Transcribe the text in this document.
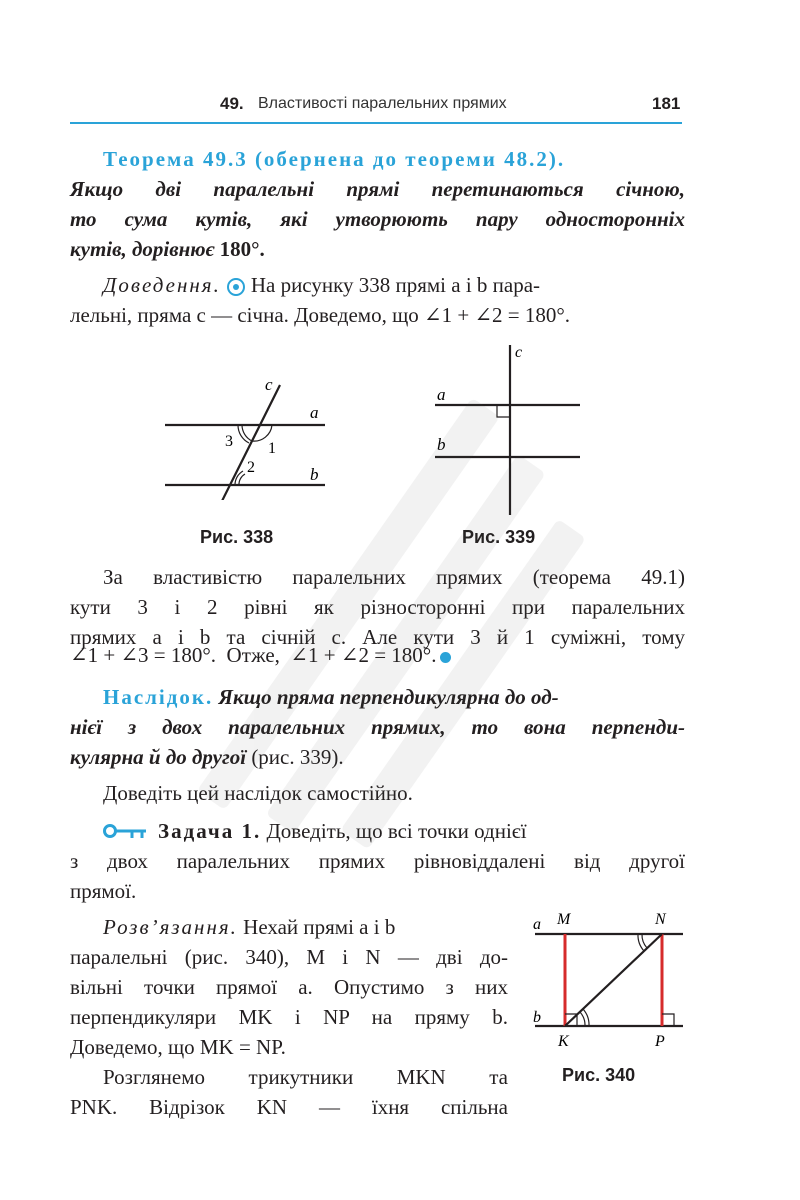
49. Властивості паралельних прямих	181
Теорема 49.3 (обернена до теореми 48.2).
Якщо дві паралельні прямі перетинаються січною,
то сума кутів, які утворюють пару односторонніх
кутів, дорівнює 180°.
Доведення. На рисунку 338 прямі a і b пара-
лельні, пряма c — січна. Доведемо, що ∠1 + ∠2 = 180°.
c
a
b
3 1
2
Рис. 338
c
a
b
Рис. 339
За властивістю паралельних прямих (теорема 49.1)
кути 3 і 2 рівні як різносторонні при паралельних
прямих a і b та січній c. Але кути 3 й 1 суміжні, тому
∠1 + ∠3 = 180°.  Отже,  ∠1 + ∠2 = 180°.
Наслідок. Якщо пряма перпендикулярна до од-
нієї з двох паралельних прямих, то вона перпенди-
кулярна й до другої (рис. 339).
Доведіть цей наслідок самостійно.
Задача 1. Доведіть, що всі точки однієї
з двох паралельних прямих рівновіддалені від другої
прямої.
Розв’язання. Нехай прямі a і b
паралельні (рис. 340), M і N — дві до-
вільні точки прямої a. Опустимо з них
перпендикуляри MK і NP на пряму b.
Доведемо, що MK = NP.
Розглянемо трикутники MKN та
PNK. Відрізок KN — їхня спільна
a M	N
b
K	P
Рис. 340
